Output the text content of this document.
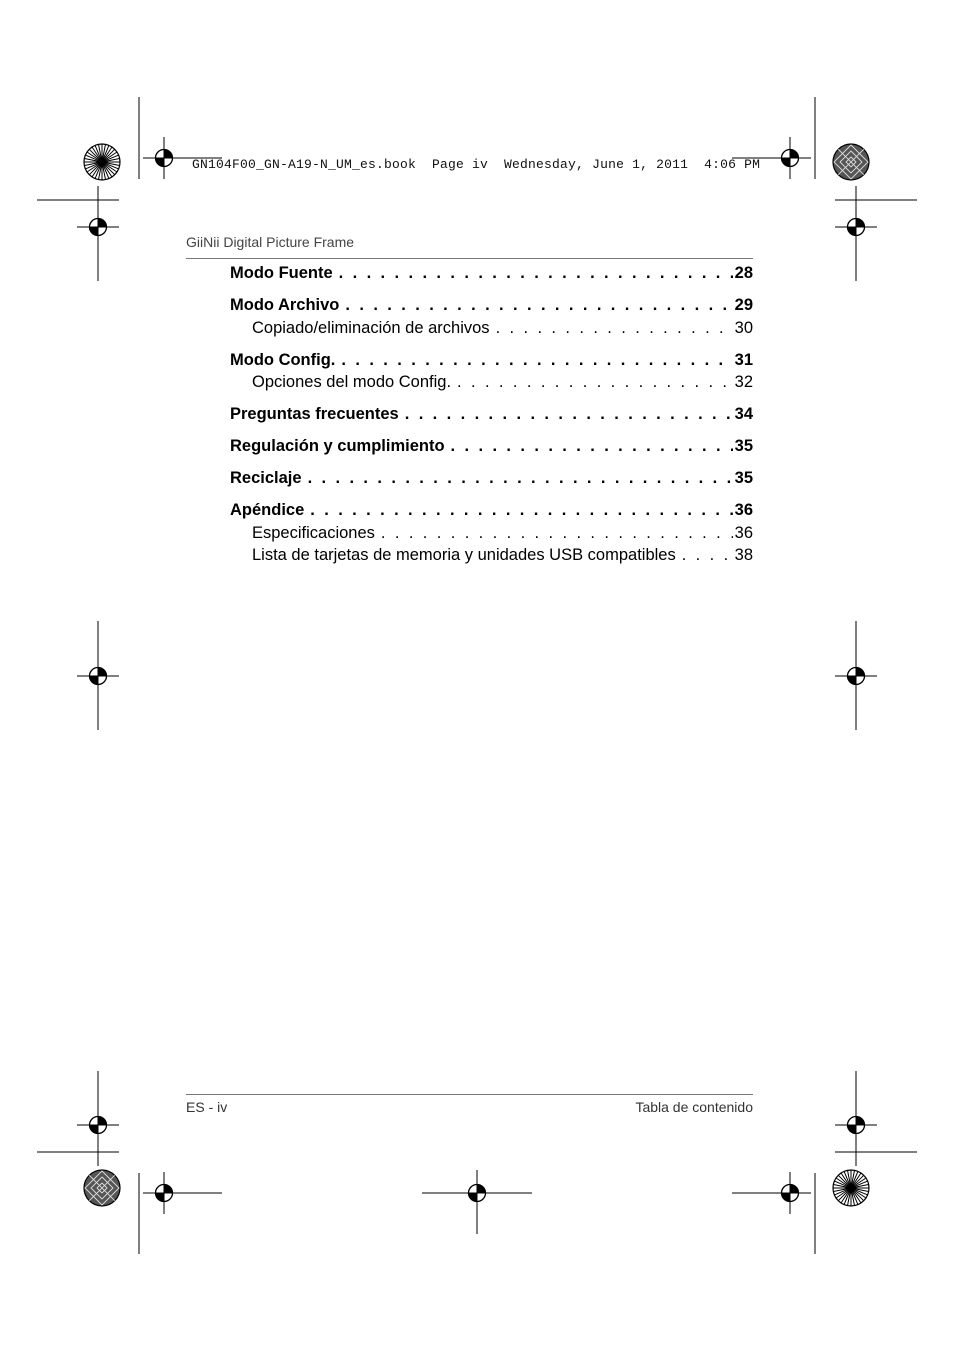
GN104F00_GN-A19-N_UM_es.book  Page iv  Wednesday, June 1, 2011  4:06 PM
GiiNii Digital Picture Frame
Modo Fuente . . .	28
Modo Archivo . . .	29
Copiado/eliminación de archivos . . .	30
Modo Config. . . .	31
Opciones del modo Config. . . .	32
Preguntas frecuentes . . .	34
Regulación y cumplimiento . . .	35
Reciclaje . . .	35
Apéndice . . .	36
Especificaciones . . .	36
Lista de tarjetas de memoria y unidades USB compatibles . . .	38
ES - iv	Tabla de contenido
